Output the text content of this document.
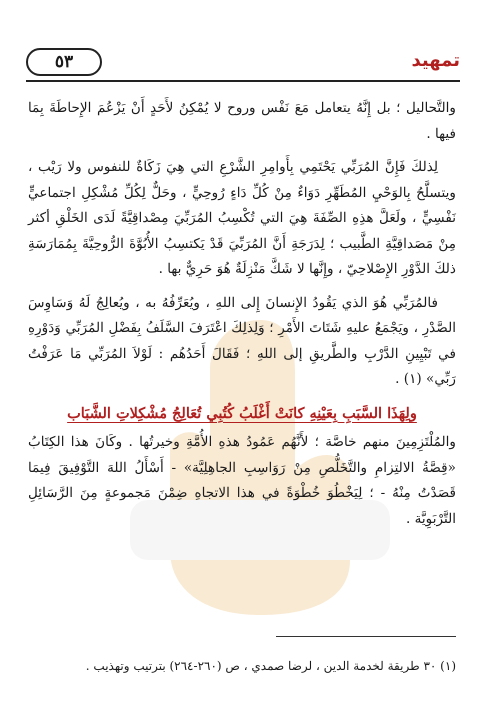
تمهيد
٥٣

والتَّحاليل ؛ بل إِنَّهُ يتعامل مَعَ نَفْس وروح لا يُمْكِنُ لأَحَدٍ أَنْ يَزْعُمَ الإِحاطَةَ بِمَا فيها .

لِذلكَ فَإِنَّ المُرَبِّي يَحْتَمِي بِأَوامِرِ الشَّرْعِ التي هِيَ زَكَاةٌ للنفوس ولا رَيْب ، ويتسلَّحُ بِالوَحْيِ المُطَهِّرِ دَوَاءٌ مِنْ كُلِّ دَاءٍ رُوحِيٍّ ، وحَلٌّ لِكُلِّ مُشْكِلِ اجتماعيٍّ نَفْسِيٍّ ، ولَعَلَّ هذِهِ الصِّفَةَ هِيَ التي تُكْسِبُ المُرَبِّيَ مِصْداقِيَّةً لَدَى الخَلْقِ أكثر مِنْ مَصَداقِيَّةِ الطَّبيب ؛ لِدَرَجَةِ أَنَّ المُرَبِّيَ قَدْ يَكتسِبُ الأُبُوَّةَ الرُّوحِيَّةَ بِمُمَارَسَةِ ذلكَ الدَّوْرِ الإِصْلاحِيّ ، وإِنَّها لا شَكَّ مَنْزِلَةٌ هُوَ حَرِيٌّ بها .

فالمُرَبِّي هُوَ الذي يَقُودُ الإِنسانَ إِلى اللهِ ، ويُعَرِّفُهُ به ، ويُعالِجُ لَهُ وَسَاوِسَ الصَّدْرِ ، ويَجْمَعُ عليهِ شَتَاتَ الأَمْرِ ؛ وَلِذلِكَ اعْتَرَفَ السَّلَفُ بِفَضْلِ المُرَبِّي وَدَوْرِهِ في تَبْيِينِ الدَّرْبِ والطَّريقِ إلى اللهِ ؛ فَقَالَ أَحَدُهُم : لَوْلاَ المُرَبِّي مَا عَرَفْتُ رَبِّي» (١) .

ولِهَذَا السَّبَبِ بِعَيْنِهِ كانَتْ أَغْلَبُ كُتُبِي تُعَالِجُ مُشْكِلاتِ الشَّبَاب

والمُلْتَزِمِينَ منهم خاصَّة ؛ لأَنَّهُم عَمُودُ هذهِ الأُمَّةِ وخيرتُها . وكَانَ هذا الكِتَابُ «قِصَّةُ الالتِزامِ والتَّخَلُّصِ مِنْ رَوَاسِبِ الجاهِلِيَّة» - أَسْأَلُ اللهَ التَّوْفِيقَ فِيمَا قَصَدْتُ مِنْهُ - ؛ لِيَخْطُوَ خُطْوَةً في هذا الاتجاهِ ضِمْنَ مَجموعةٍ مِنَ الرَّسَائِلِ التَّرْبَوِيَّة .

(١) ٣٠ طريقة لخدمة الدين ، لرضا صمدي ، ص (٢٦٠-٢٦٤) بترتيب وتهذيب .
